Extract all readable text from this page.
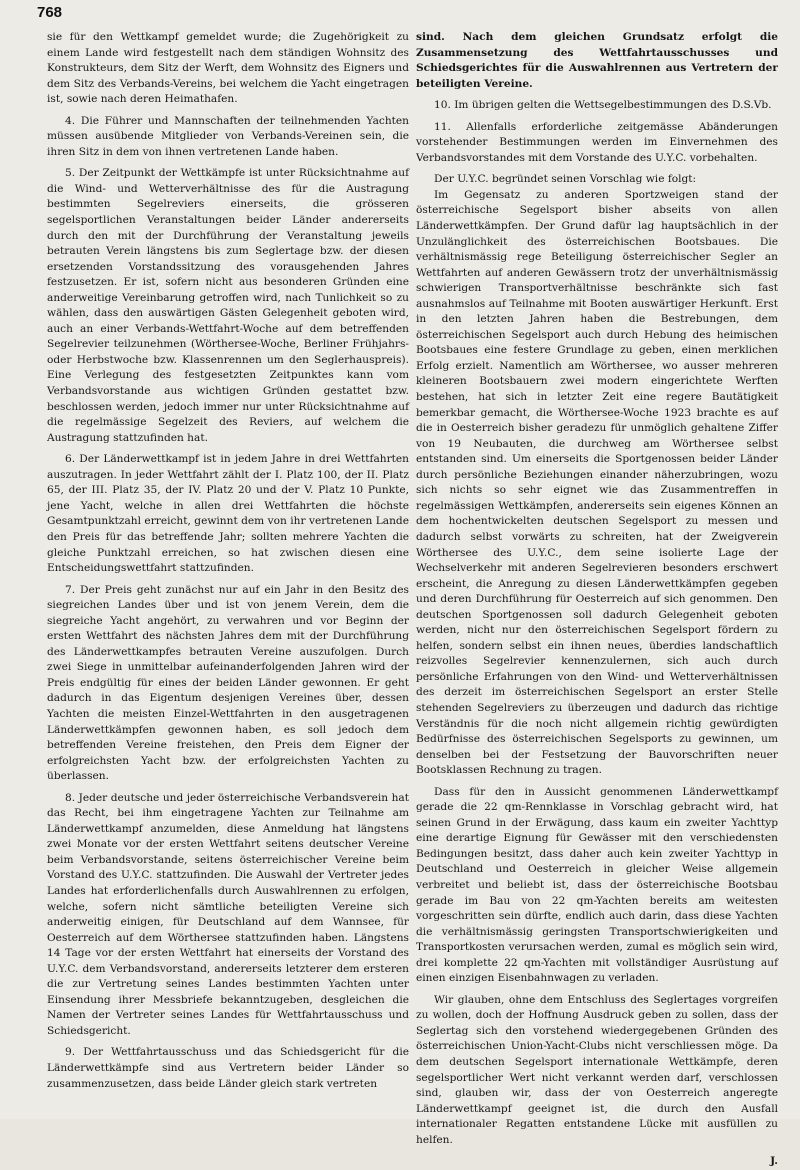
768

sie für den Wettkampf gemeldet wurde; die Zugehörigkeit zu einem Lande wird festgestellt nach dem ständigen Wohnsitz des Konstrukteurs, dem Sitz der Werft, dem Wohnsitz des Eigners und dem Sitz des Verbands-Vereins, bei welchem die Yacht eingetragen ist, sowie nach deren Heimathafen.

4. Die Führer und Mannschaften der teilnehmenden Yachten müssen ausübende Mitglieder von Verbands-Vereinen sein, die ihren Sitz in dem von ihnen vertretenen Lande haben.

5. Der Zeitpunkt der Wettkämpfe ist unter Rücksichtnahme auf die Wind- und Wetterverhältnisse des für die Austragung bestimmten Segelreviers einerseits, die grösseren segelsportlichen Veranstaltungen beider Länder andererseits durch den mit der Durchführung der Veranstaltung jeweils betrauten Verein längstens bis zum Seglertage bzw. der diesen ersetzenden Vorstandssitzung des vorausgehenden Jahres festzusetzen. Er ist, sofern nicht aus besonderen Gründen eine anderweitige Vereinbarung getroffen wird, nach Tunlichkeit so zu wählen, dass den auswärtigen Gästen Gelegenheit geboten wird, auch an einer Verbands-Wettfahrt-Woche auf dem betreffenden Segelrevier teilzunehmen (Wörthersee-Woche, Berliner Frühjahrs- oder Herbstwoche bzw. Klassenrennen um den Seglerhauspreis). Eine Verlegung des festgesetzten Zeitpunktes kann vom Verbandsvorstande aus wichtigen Gründen gestattet bzw. beschlossen werden, jedoch immer nur unter Rücksichtnahme auf die regelmässige Segelzeit des Reviers, auf welchem die Austragung stattzufinden hat.

6. Der Länderwettkampf ist in jedem Jahre in drei Wettfahrten auszutragen. In jeder Wettfahrt zählt der I. Platz 100, der II. Platz 65, der III. Platz 35, der IV. Platz 20 und der V. Platz 10 Punkte, jene Yacht, welche in allen drei Wettfahrten die höchste Gesamtpunktzahl erreicht, gewinnt dem von ihr vertretenen Lande den Preis für das betreffende Jahr; sollten mehrere Yachten die gleiche Punktzahl erreichen, so hat zwischen diesen eine Entscheidungswettfahrt stattzufinden.

7. Der Preis geht zunächst nur auf ein Jahr in den Besitz des siegreichen Landes über und ist von jenem Verein, dem die siegreiche Yacht angehört, zu verwahren und vor Beginn der ersten Wettfahrt des nächsten Jahres dem mit der Durchführung des Länderwettkampfes betrauten Vereine auszufolgen. Durch zwei Siege in unmittelbar aufeinanderfolgenden Jahren wird der Preis endgültig für eines der beiden Länder gewonnen. Er geht dadurch in das Eigentum desjenigen Vereines über, dessen Yachten die meisten Einzel-Wettfahrten in den ausgetragenen Länderwettkämpfen gewonnen haben, es soll jedoch dem betreffenden Vereine freistehen, den Preis dem Eigner der erfolgreichsten Yacht bzw. der erfolgreichsten Yachten zu überlassen.

8. Jeder deutsche und jeder österreichische Verbandsverein hat das Recht, bei ihm eingetragene Yachten zur Teilnahme am Länderwettkampf anzumelden, diese Anmeldung hat längstens zwei Monate vor der ersten Wettfahrt seitens deutscher Vereine beim Verbandsvorstande, seitens österreichischer Vereine beim Vorstand des U.Y.C. stattzufinden. Die Auswahl der Vertreter jedes Landes hat erforderlichenfalls durch Auswahlrennen zu erfolgen, welche, sofern nicht sämtliche beteiligten Vereine sich anderweitig einigen, für Deutschland auf dem Wannsee, für Oesterreich auf dem Wörthersee stattzufinden haben. Längstens 14 Tage vor der ersten Wettfahrt hat einerseits der Vorstand des U.Y.C. dem Verbandsvorstand, andererseits letzterer dem ersteren die zur Vertretung seines Landes bestimmten Yachten unter Einsendung ihrer Messbriefe bekanntzugeben, desgleichen die Namen der Vertreter seines Landes für Wettfahrtausschuss und Schiedsgericht.

9. Der Wettfahrtausschuss und das Schiedsgericht für die Länderwettkämpfe sind aus Vertretern beider Länder so zusammenzusetzen, dass beide Länder gleich stark vertreten

sind. Nach dem gleichen Grundsatz erfolgt die Zusammensetzung des Wettfahrtausschusses und Schiedsgerichtes für die Auswahlrennen aus Vertretern der beteiligten Vereine.

10. Im übrigen gelten die Wettsegelbestimmungen des D.S.Vb.

11. Allenfalls erforderliche zeitgemässe Abänderungen vorstehender Bestimmungen werden im Einvernehmen des Verbandsvorstandes mit dem Vorstande des U.Y.C. vorbehalten.

Der U.Y.C. begründet seinen Vorschlag wie folgt:

Im Gegensatz zu anderen Sportzweigen stand der österreichische Segelsport bisher abseits von allen Länderwettkämpfen. Der Grund dafür lag hauptsächlich in der Unzulänglichkeit des österreichischen Bootsbaues. Die verhältnismässig rege Beteiligung österreichischer Segler an Wettfahrten auf anderen Gewässern trotz der unverhältnismässig schwierigen Transportverhältnisse beschränkte sich fast ausnahmslos auf Teilnahme mit Booten auswärtiger Herkunft. Erst in den letzten Jahren haben die Bestrebungen, dem österreichischen Segelsport auch durch Hebung des heimischen Bootsbaues eine festere Grundlage zu geben, einen merklichen Erfolg erzielt. Namentlich am Wörthersee, wo ausser mehreren kleineren Bootsbauern zwei modern eingerichtete Werften bestehen, hat sich in letzter Zeit eine regere Bautätigkeit bemerkbar gemacht, die Wörthersee-Woche 1923 brachte es auf die in Oesterreich bisher geradezu für unmöglich gehaltene Ziffer von 19 Neubauten, die durchweg am Wörthersee selbst entstanden sind. Um einerseits die Sportgenossen beider Länder durch persönliche Beziehungen einander näherzubringen, wozu sich nichts so sehr eignet wie das Zusammentreffen in regelmässigen Wettkämpfen, andererseits sein eigenes Können an dem hochentwickelten deutschen Segelsport zu messen und dadurch selbst vorwärts zu schreiten, hat der Zweigverein Wörthersee des U.Y.C., dem seine isolierte Lage der Wechselverkehr mit anderen Segelrevieren besonders erschwert erscheint, die Anregung zu diesen Länderwettkämpfen gegeben und deren Durchführung für Oesterreich auf sich genommen. Den deutschen Sportgenossen soll dadurch Gelegenheit geboten werden, nicht nur den österreichischen Segelsport fördern zu helfen, sondern selbst ein ihnen neues, überdies landschaftlich reizvolles Segelrevier kennenzulernen, sich auch durch persönliche Erfahrungen von den Wind- und Wetterverhältnissen des derzeit im österreichischen Segelsport an erster Stelle stehenden Segelreviers zu überzeugen und dadurch das richtige Verständnis für die noch nicht allgemein richtig gewürdigten Bedürfnisse des österreichischen Segelsports zu gewinnen, um denselben bei der Festsetzung der Bauvorschriften neuer Bootsklassen Rechnung zu tragen.

Dass für den in Aussicht genommenen Länderwettkampf gerade die 22 qm-Rennklasse in Vorschlag gebracht wird, hat seinen Grund in der Erwägung, dass kaum ein zweiter Yachttyp eine derartige Eignung für Gewässer mit den verschiedensten Bedingungen besitzt, dass daher auch kein zweiter Yachttyp in Deutschland und Oesterreich in gleicher Weise allgemein verbreitet und beliebt ist, dass der österreichische Bootsbau gerade im Bau von 22 qm-Yachten bereits am weitesten vorgeschritten sein dürfte, endlich auch darin, dass diese Yachten die verhältnismässig geringsten Transportschwierigkeiten und Transportkosten verursachen werden, zumal es möglich sein wird, drei komplette 22 qm-Yachten mit vollständiger Ausrüstung auf einen einzigen Eisenbahnwagen zu verladen.

Wir glauben, ohne dem Entschluss des Seglertages vorgreifen zu wollen, doch der Hoffnung Ausdruck geben zu sollen, dass der Seglertag sich den vorstehend wiedergegebenen Gründen des österreichischen Union-Yacht-Clubs nicht verschliessen möge. Da dem deutschen Segelsport internationale Wettkämpfe, deren segelsportlicher Wert nicht verkannt werden darf, verschlossen sind, glauben wir, dass der von Oesterreich angeregte Länderwettkampf geeignet ist, die durch den Ausfall internationaler Regatten entstandene Lücke mit ausfüllen zu helfen.

J.
